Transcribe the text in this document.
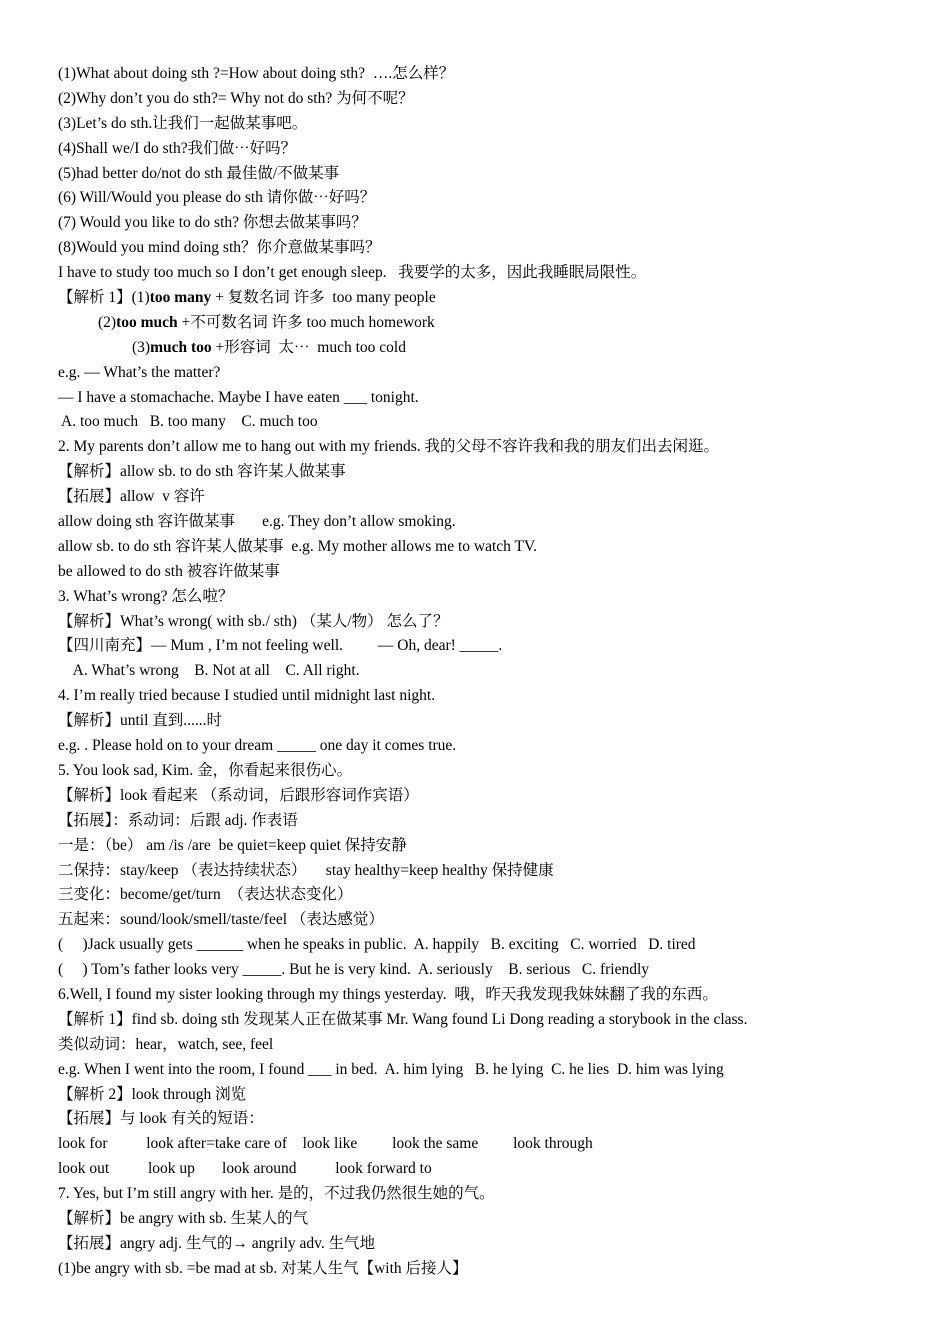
(1)What about doing sth ?=How about doing sth?  ….怎么样？
(2)Why don’t you do sth?= Why not do sth? 为何不呢？
(3)Let’s do sth.让我们一起做某事吧。
(4)Shall we/I do sth?我们做⋯好吗？
(5)had better do/not do sth 最佳做/不做某事
(6) Will/Would you please do sth 请你做⋯好吗？
(7) Would you like to do sth? 你想去做某事吗？
(8)Would you mind doing sth？你介意做某事吗？
I have to study too much so I don’t get enough sleep.   我要学的太多，因此我睡眠局限性。
【解析 1】(1)too many + 复数名词 许多  too many people
(2)too much +不可数名词 许多 too much homework
(3)much too +形容词  太⋯  much too cold
e.g. — What’s the matter?
— I have a stomachache. Maybe I have eaten ___ tonight.
A. too much   B. too many    C. much too
2. My parents don’t allow me to hang out with my friends. 我的父母不容许我和我的朋友们出去闲逛。
【解析】allow sb. to do sth 容许某人做某事
【拓展】allow  v 容许
allow doing sth 容许做某事       e.g. They don’t allow smoking.
allow sb. to do sth 容许某人做某事  e.g. My mother allows me to watch TV.
be allowed to do sth 被容许做某事
3. What’s wrong? 怎么啦？
【解析】What’s wrong( with sb./ sth) （某人/物） 怎么了？
【四川南充】— Mum , I’m not feeling well.         — Oh, dear! _____.
A. What’s wrong    B. Not at all    C. All right.
4. I’m really tried because I studied until midnight last night.
【解析】until 直到......时
e.g. . Please hold on to your dream _____ one day it comes true.
5. You look sad, Kim. 金，你看起来很伤心。
【解析】look 看起来 （系动词，后跟形容词作宾语）
【拓展】：系动词：后跟 adj. 作表语
一是：（be） am /is /are  be quiet=keep quiet 保持安静
二保持：stay/keep （表达持续状态）     stay healthy=keep healthy 保持健康
三变化：become/get/turn  （表达状态变化）
五起来：sound/look/smell/taste/feel （表达感觉）
(     )Jack usually gets ______ when he speaks in public.  A. happily   B. exciting   C. worried   D. tired
(     ) Tom’s father looks very _____. But he is very kind.  A. seriously    B. serious   C. friendly
6.Well, I found my sister looking through my things yesterday.  哦，昨天我发现我妹妹翻了我的东西。
【解析 1】find sb. doing sth 发现某人正在做某事 Mr. Wang found Li Dong reading a storybook in the class.
类似动词：hear，watch, see, feel
e.g. When I went into the room, I found ___ in bed.  A. him lying   B. he lying  C. he lies  D. him was lying
【解析 2】look through 浏览
【拓展】与 look 有关的短语：
look for          look after=take care of    look like         look the same         look through
look out          look up       look around          look forward to
7. Yes, but I’m still angry with her. 是的，不过我仍然很生她的气。
【解析】be angry with sb. 生某人的气
【拓展】angry adj. 生气的→ angrily adv. 生气地
(1)be angry with sb. =be mad at sb. 对某人生气【with 后接人】
